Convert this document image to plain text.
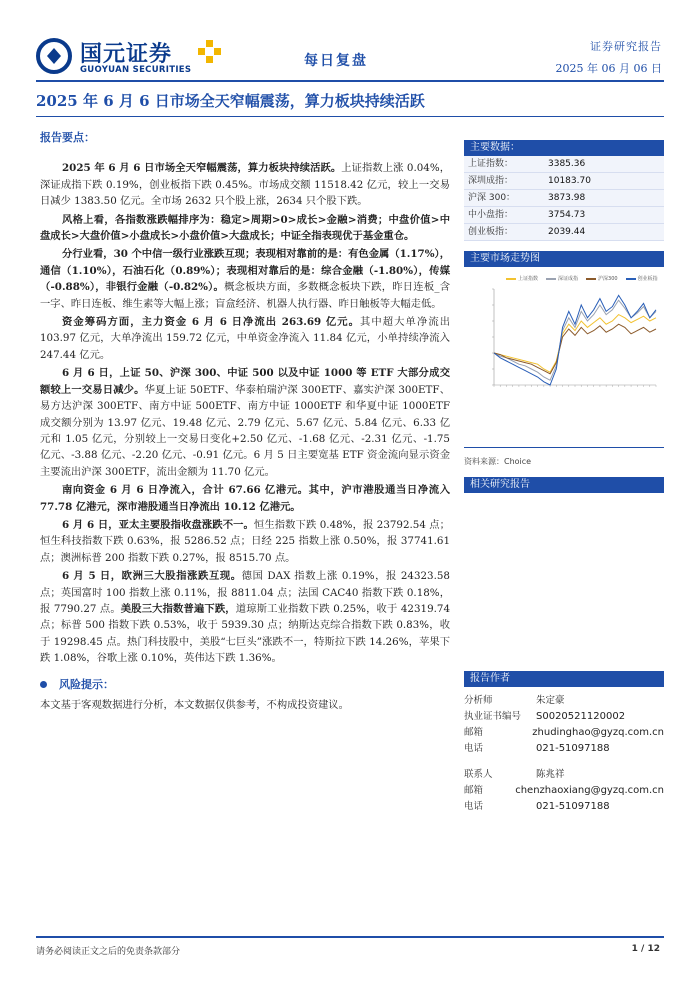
国元证券
GUOYUAN SECURITIES
每日复盘
证券研究报告
2025 年 06 月 06 日
2025 年 6 月 6 日市场全天窄幅震荡，算力板块持续活跃
报告要点：
2025 年 6 月 6 日市场全天窄幅震荡，算力板块持续活跃。上证指数上涨 0.04%，深证成指下跌 0.19%，创业板指下跌 0.45%。市场成交额 11518.42 亿元，较上一交易日减少 1383.50 亿元。全市场 2632 只个股上涨，2634 只个股下跌。
风格上看，各指数涨跌幅排序为：稳定>周期>0>成长>金融>消费；中盘价值>中盘成长>大盘价值>小盘成长>小盘价值>大盘成长；中证全指表现优于基金重仓。
分行业看，30 个中信一级行业涨跌互现；表现相对靠前的是：有色金属（1.17%），通信（1.10%），石油石化（0.89%）；表现相对靠后的是：综合金融（-1.80%），传媒（-0.88%），非银行金融（-0.82%）。概念板块方面，多数概念板块下跌，昨日连板_含一字、昨日连板、维生素等大幅上涨；盲盒经济、机器人执行器、昨日触板等大幅走低。
资金筹码方面，主力资金 6 月 6 日净流出 263.69 亿元。其中超大单净流出 103.97 亿元，大单净流出 159.72 亿元，中单资金净流入 11.84 亿元，小单持续净流入 247.44 亿元。
6 月 6 日，上证 50、沪深 300、中证 500 以及中证 1000 等 ETF 大部分成交额较上一交易日减少。华夏上证 50ETF、华泰柏瑞沪深 300ETF、嘉实沪深 300ETF、易方达沪深 300ETF、南方中证 500ETF、南方中证 1000ETF 和华夏中证 1000ETF 成交额分别为 13.97 亿元、19.48 亿元、2.79 亿元、5.67 亿元、5.84 亿元、6.33 亿元和 1.05 亿元，分别较上一交易日变化+2.50 亿元、-1.68 亿元、-2.31 亿元、-1.75 亿元、-3.88 亿元、-2.20 亿元、-0.91 亿元。6 月 5 日主要宽基 ETF 资金流向显示资金主要流出沪深 300ETF，流出金额为 11.70 亿元。
南向资金 6 月 6 日净流入，合计 67.66 亿港元。其中，沪市港股通当日净流入 77.78 亿港元，深市港股通当日净流出 10.12 亿港元。
6 月 6 日，亚太主要股指收盘涨跌不一。恒生指数下跌 0.48%，报 23792.54 点；恒生科技指数下跌 0.63%，报 5286.52 点；日经 225 指数上涨 0.50%，报 37741.61 点；澳洲标普 200 指数下跌 0.27%，报 8515.70 点。
6 月 5 日，欧洲三大股指涨跌互现。德国 DAX 指数上涨 0.19%，报 24323.58 点；英国富时 100 指数上涨 0.11%，报 8811.04 点；法国 CAC40 指数下跌 0.18%，报 7790.27 点。美股三大指数普遍下跌，道琼斯工业指数下跌 0.25%，收于 42319.74 点；标普 500 指数下跌 0.53%，收于 5939.30 点；纳斯达克综合指数下跌 0.83%，收于 19298.45 点。热门科技股中，美股“七巨头”涨跌不一，特斯拉下跌 14.26%，苹果下跌 1.08%，谷歌上涨 0.10%，英伟达下跌 1.36%。
风险提示：
本文基于客观数据进行分析，本文数据仅供参考，不构成投资建议。
主要数据：
上证指数：	3385.36
深圳成指：	10183.70
沪深 300：	3873.98
中小盘指：	3754.73
创业板指：	2039.44
主要市场走势图
上证指数	深证成指	沪深300	创业板指
资料来源：Choice
相关研究报告
报告作者
分析师	朱定豪
执业证书编号	S0020521120002
邮箱	zhudinghao@gyzq.com.cn
电话	021-51097188
联系人	陈兆祥
邮箱	chenzhaoxiang@gyzq.com.cn
电话	021-51097188
请务必阅读正文之后的免责条款部分	1 / 12
